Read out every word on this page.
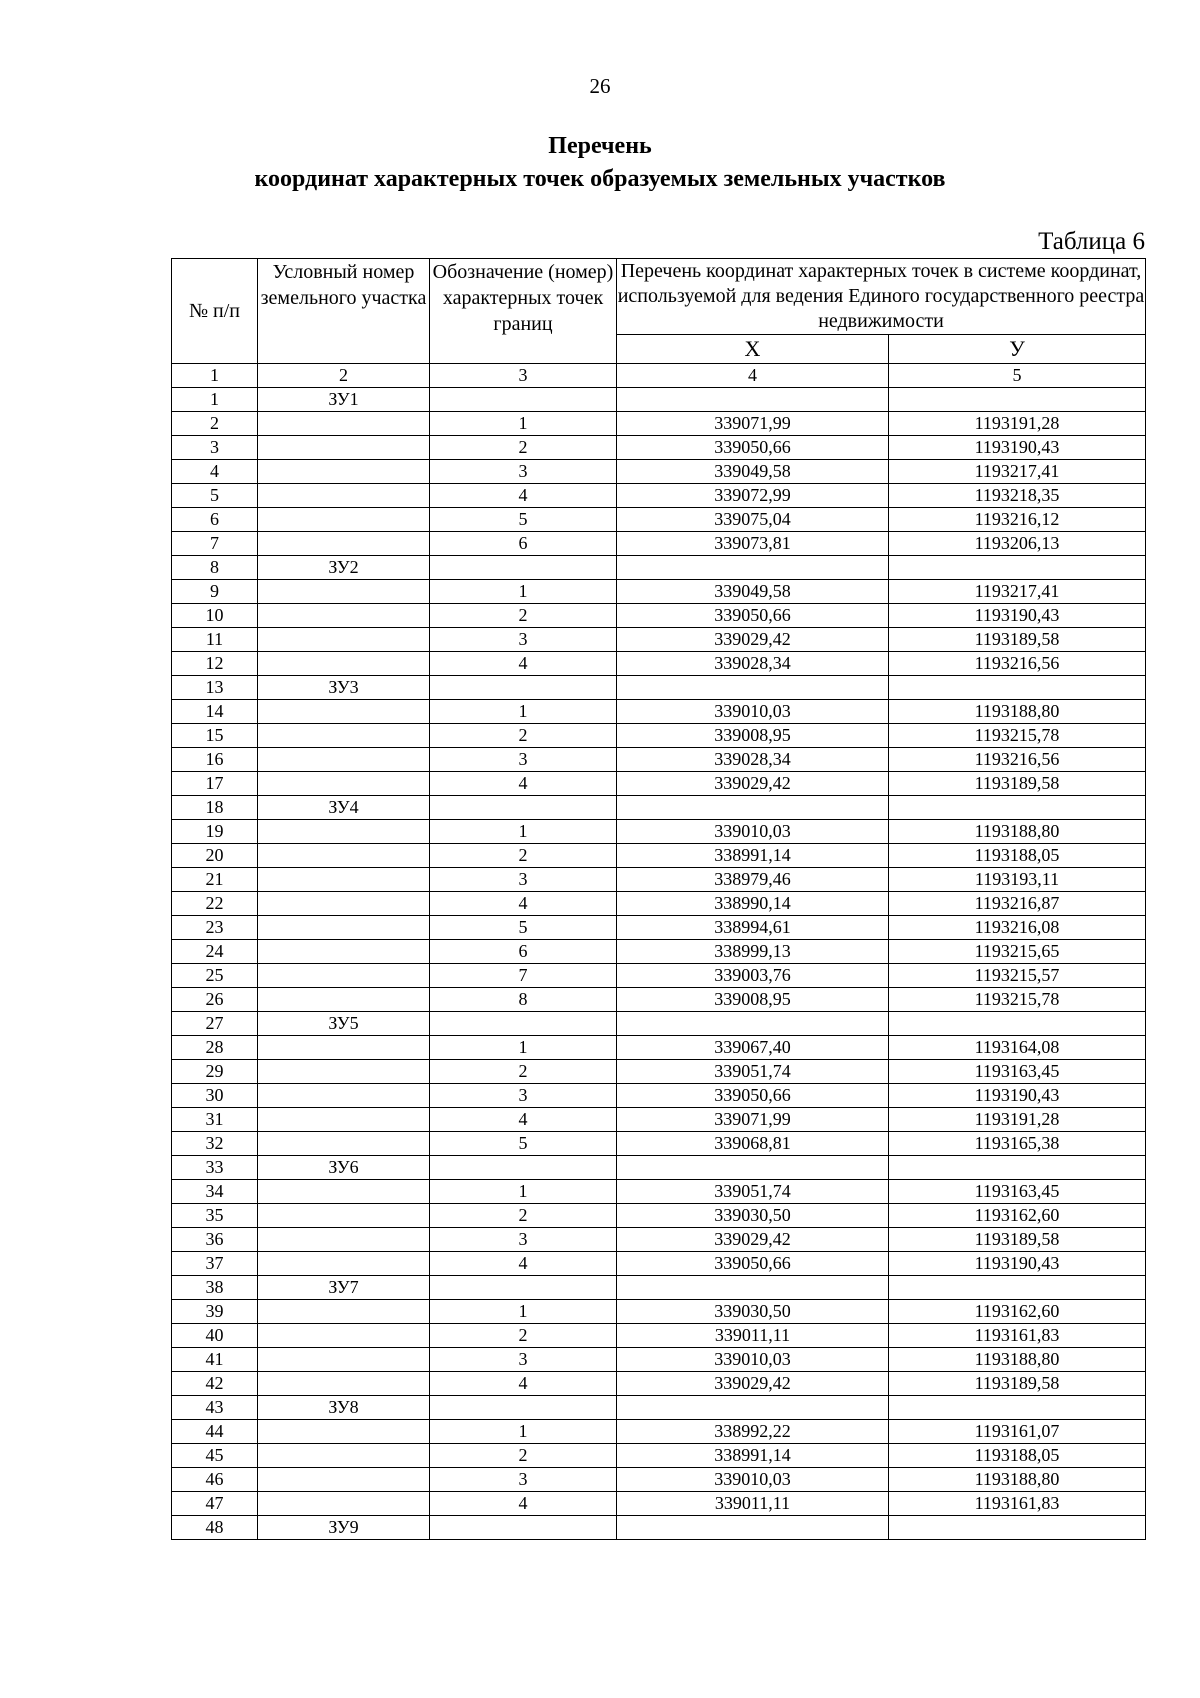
26
Перечень
координат характерных точек образуемых земельных участков
Таблица 6
№ п/п	Условный номер земельного участка	Обозначение (номер) характерных точек границ	Перечень координат характерных точек в системе координат, используемой для ведения Единого государственного реестра недвижимости	
			X	У
1	2	3	4	5
1	ЗУ1			
2		1	339071,99	1193191,28
3		2	339050,66	1193190,43
4		3	339049,58	1193217,41
5		4	339072,99	1193218,35
6		5	339075,04	1193216,12
7		6	339073,81	1193206,13
8	ЗУ2			
9		1	339049,58	1193217,41
10		2	339050,66	1193190,43
11		3	339029,42	1193189,58
12		4	339028,34	1193216,56
13	ЗУ3			
14		1	339010,03	1193188,80
15		2	339008,95	1193215,78
16		3	339028,34	1193216,56
17		4	339029,42	1193189,58
18	ЗУ4			
19		1	339010,03	1193188,80
20		2	338991,14	1193188,05
21		3	338979,46	1193193,11
22		4	338990,14	1193216,87
23		5	338994,61	1193216,08
24		6	338999,13	1193215,65
25		7	339003,76	1193215,57
26		8	339008,95	1193215,78
27	ЗУ5			
28		1	339067,40	1193164,08
29		2	339051,74	1193163,45
30		3	339050,66	1193190,43
31		4	339071,99	1193191,28
32		5	339068,81	1193165,38
33	ЗУ6			
34		1	339051,74	1193163,45
35		2	339030,50	1193162,60
36		3	339029,42	1193189,58
37		4	339050,66	1193190,43
38	ЗУ7			
39		1	339030,50	1193162,60
40		2	339011,11	1193161,83
41		3	339010,03	1193188,80
42		4	339029,42	1193189,58
43	ЗУ8			
44		1	338992,22	1193161,07
45		2	338991,14	1193188,05
46		3	339010,03	1193188,80
47		4	339011,11	1193161,83
48	ЗУ9			
